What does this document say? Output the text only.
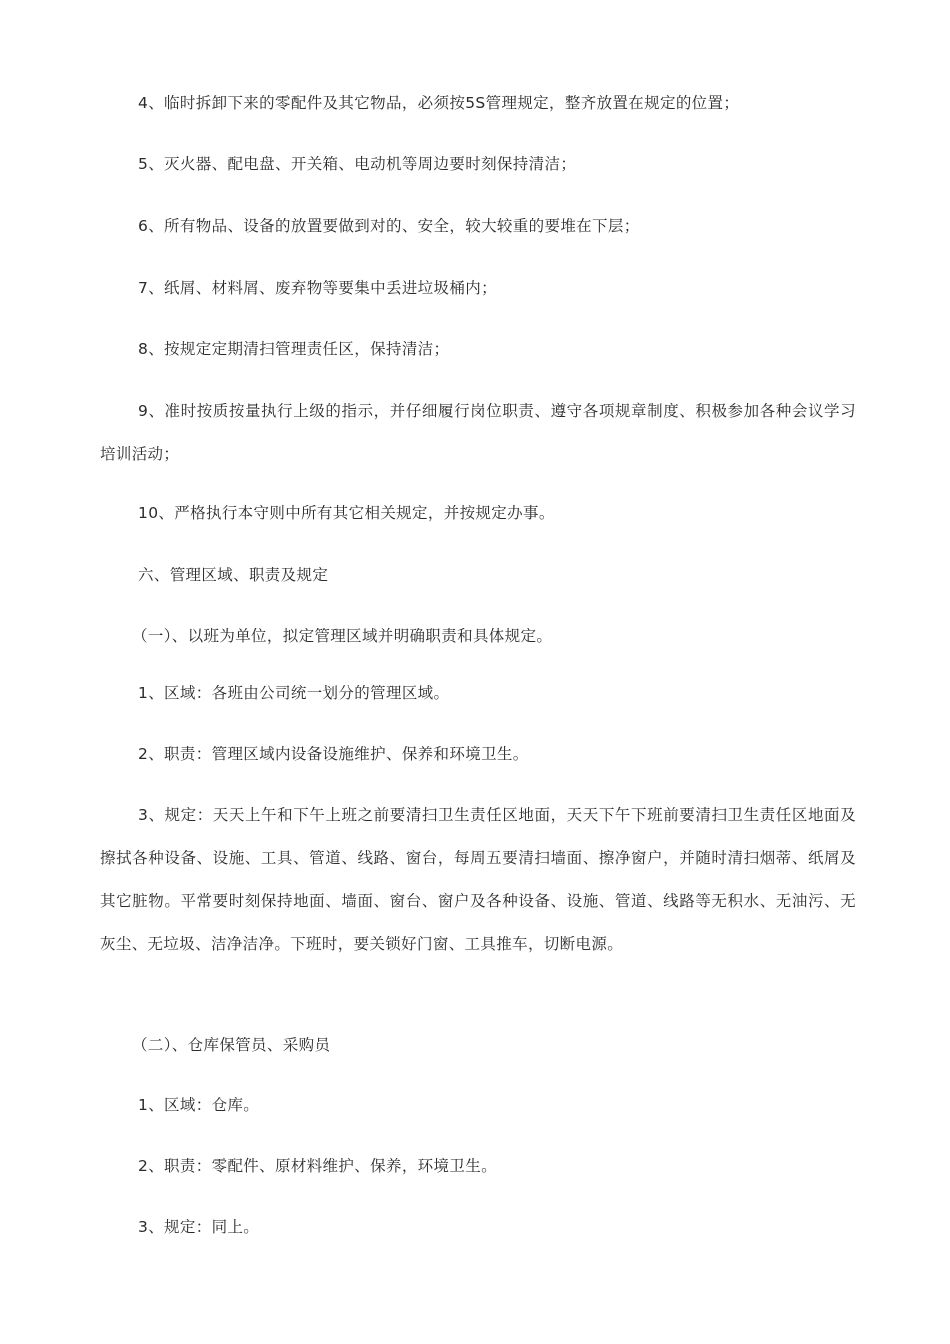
4、临时拆卸下来的零配件及其它物品，必须按5S管理规定，整齐放置在规定的位置；

5、灭火器、配电盘、开关箱、电动机等周边要时刻保持清洁；

6、所有物品、设备的放置要做到对的、安全，较大较重的要堆在下层；

7、纸屑、材料屑、废弃物等要集中丢进垃圾桶内；

8、按规定定期清扫管理责任区，保持清洁；

9、准时按质按量执行上级的指示，并仔细履行岗位职责、遵守各项规章制度、积极参加各种会议学习培训活动；

10、严格执行本守则中所有其它相关规定，并按规定办事。

六、管理区域、职责及规定

（一）、以班为单位，拟定管理区域并明确职责和具体规定。

1、区域：各班由公司统一划分的管理区域。

2、职责：管理区域内设备设施维护、保养和环境卫生。

3、规定：天天上午和下午上班之前要清扫卫生责任区地面，天天下午下班前要清扫卫生责任区地面及擦拭各种设备、设施、工具、管道、线路、窗台，每周五要清扫墙面、擦净窗户，并随时清扫烟蒂、纸屑及其它脏物。平常要时刻保持地面、墙面、窗台、窗户及各种设备、设施、管道、线路等无积水、无油污、无灰尘、无垃圾、洁净洁净。下班时，要关锁好门窗、工具推车，切断电源。

（二）、仓库保管员、采购员

1、区域：仓库。

2、职责：零配件、原材料维护、保养，环境卫生。

3、规定：同上。
